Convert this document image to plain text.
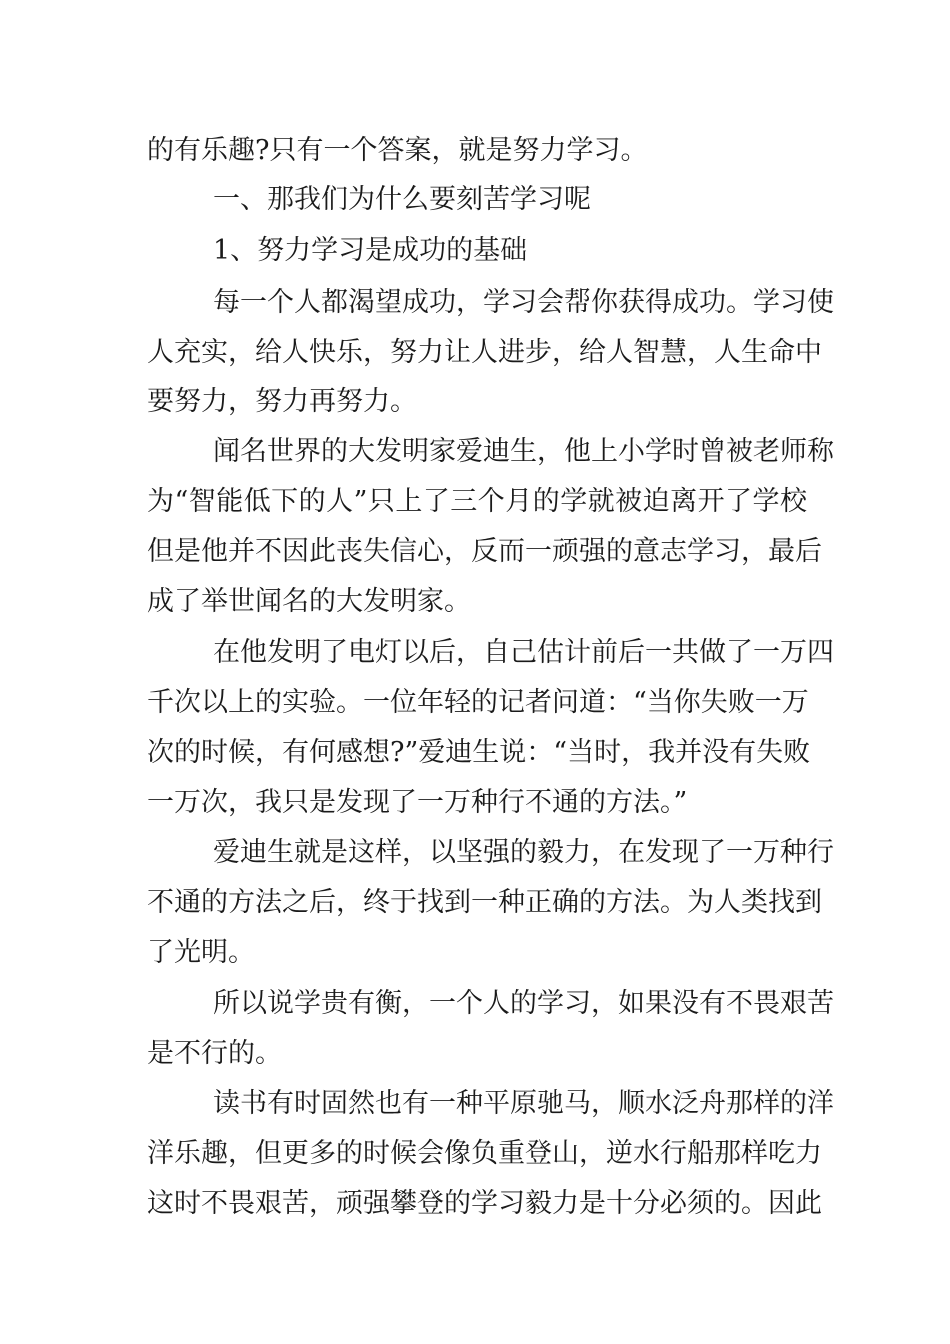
的有乐趣?只有一个答案，就是努力学习。
一、那我们为什么要刻苦学习呢
1、努力学习是成功的基础
每一个人都渴望成功，学习会帮你获得成功。学习使
人充实，给人快乐，努力让人进步，给人智慧，人生命中
要努力，努力再努力。
闻名世界的大发明家爱迪生，他上小学时曾被老师称
为“智能低下的人”只上了三个月的学就被迫离开了学校
但是他并不因此丧失信心，反而一顽强的意志学习，最后
成了举世闻名的大发明家。
在他发明了电灯以后，自己估计前后一共做了一万四
千次以上的实验。一位年轻的记者问道：“当你失败一万
次的时候，有何感想?”爱迪生说：“当时，我并没有失败
一万次，我只是发现了一万种行不通的方法。”
爱迪生就是这样，以坚强的毅力，在发现了一万种行
不通的方法之后，终于找到一种正确的方法。为人类找到
了光明。
所以说学贵有衡，一个人的学习，如果没有不畏艰苦
是不行的。
读书有时固然也有一种平原驰马，顺水泛舟那样的洋
洋乐趣，但更多的时候会像负重登山，逆水行船那样吃力
这时不畏艰苦，顽强攀登的学习毅力是十分必须的。因此
